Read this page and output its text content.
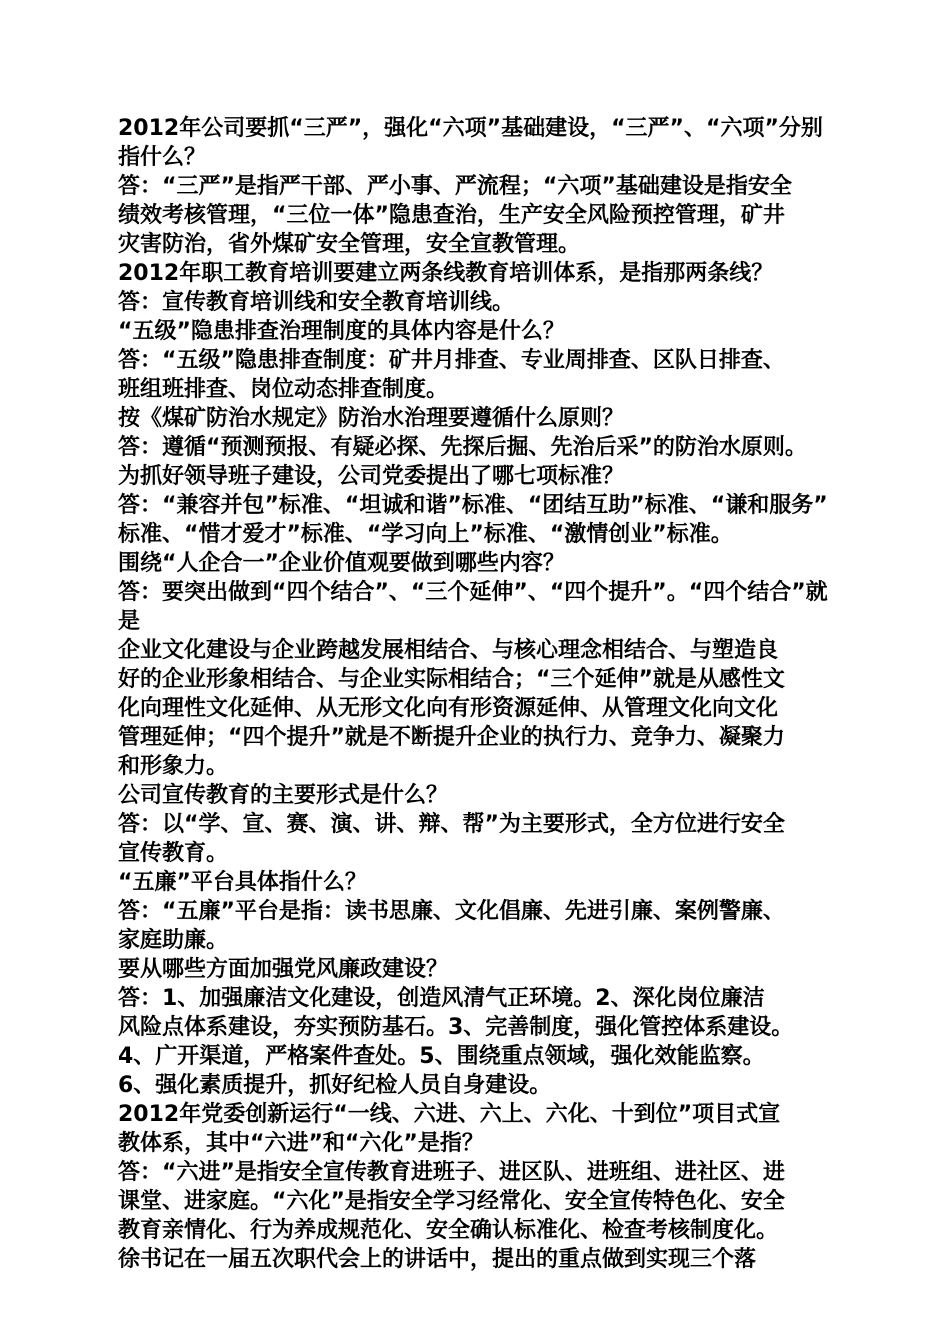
2012年公司要抓“三严”，强化“六项”基础建设，“三严”、“六项”分别
指什么？
答：“三严”是指严干部、严小事、严流程；“六项”基础建设是指安全
绩效考核管理，“三位一体”隐患查治，生产安全风险预控管理，矿井
灾害防治，省外煤矿安全管理，安全宣教管理。
2012年职工教育培训要建立两条线教育培训体系，是指那两条线？
答：宣传教育培训线和安全教育培训线。
“五级”隐患排查治理制度的具体内容是什么？
答：“五级”隐患排查制度：矿井月排查、专业周排查、区队日排查、
班组班排查、岗位动态排查制度。
按《煤矿防治水规定》防治水治理要遵循什么原则？
答：遵循“预测预报、有疑必探、先探后掘、先治后采”的防治水原则。
为抓好领导班子建设，公司党委提出了哪七项标准？
答：“兼容并包”标准、“坦诚和谐”标准、“团结互助”标准、“谦和服务”
标准、“惜才爱才”标准、“学习向上”标准、“激情创业”标准。
围绕“人企合一”企业价值观要做到哪些内容？
答：要突出做到“四个结合”、“三个延伸”、“四个提升”。“四个结合”就
是
企业文化建设与企业跨越发展相结合、与核心理念相结合、与塑造良
好的企业形象相结合、与企业实际相结合；“三个延伸”就是从感性文
化向理性文化延伸、从无形文化向有形资源延伸、从管理文化向文化
管理延伸；“四个提升”就是不断提升企业的执行力、竞争力、凝聚力
和形象力。
公司宣传教育的主要形式是什么？
答：以“学、宣、赛、演、讲、辩、帮”为主要形式，全方位进行安全
宣传教育。
“五廉”平台具体指什么？
答：“五廉”平台是指：读书思廉、文化倡廉、先进引廉、案例警廉、
家庭助廉。
要从哪些方面加强党风廉政建设？
答：1、加强廉洁文化建设，创造风清气正环境。2、深化岗位廉洁
风险点体系建设，夯实预防基石。3、完善制度，强化管控体系建设。
4、广开渠道，严格案件查处。5、围绕重点领域，强化效能监察。
6、强化素质提升，抓好纪检人员自身建设。
2012年党委创新运行“一线、六进、六上、六化、十到位”项目式宣
教体系，其中“六进”和“六化”是指？
答：“六进”是指安全宣传教育进班子、进区队、进班组、进社区、进
课堂、进家庭。“六化”是指安全学习经常化、安全宣传特色化、安全
教育亲情化、行为养成规范化、安全确认标准化、检查考核制度化。
徐书记在一届五次职代会上的讲话中，提出的重点做到实现三个落
